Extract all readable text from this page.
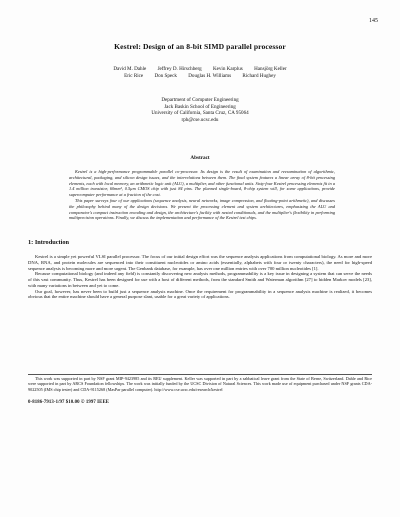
145
Kestrel: Design of an 8-bit SIMD parallel processor
David M. Dahle Jeffrey D. Hirschberg Kevin Karplus Hansjörg Keller
Eric Rice Don Speck Douglas H. Williams Richard Hughey
Department of Computer Engineering
Jack Baskin School of Engineering
University of California, Santa Cruz, CA 95064
rph@cse.ucsc.edu
Abstract

Kestrel is a high-performance programmable parallel co-processor. Its design is the result of examination and reexamination of algorithmic, architectural, packaging, and silicon design issues, and the interrelations between them. The final system features a linear array of 8-bit processing elements, each with local memory, an arithmetic logic unit (ALU), a multiplier, and other functional units. Sixty-four Kestrel processing elements fit in a 1.4 million transistor, 60mm², 0.5µm CMOS chip with just 84 pins. The planned single-board, 8-chip system will, for some applications, provide supercomputer performance at a fraction of the cost.

This paper surveys four of our applications (sequence analysis, neural networks, image compression, and floating-point arithmetic), and discusses the philosophy behind many of the design decisions. We present the processing element and system architectures, emphasizing the ALU and comparator's compact instruction encoding and design, the architecture's facility with nested conditionals, and the multiplier's flexibility in performing multiprecision operations. Finally, we discuss the implementation and performance of the Kestrel test chips.

1: Introduction

Kestrel is a simple yet powerful VLSI parallel processor. The focus of our initial design effort was the sequence analysis applications from computational biology. As more and more DNA, RNA, and protein molecules are sequenced into their constituent nucleotides or amino acids (essentially, alphabets with four or twenty characters), the need for high-speed sequence analysis is becoming more and more urgent. The Genbank database, for example, has over one million entries with over 700 million nucleotides [1].

Because computational biology (and indeed any field) is constantly discovering new analysis methods, programmability is a key issue in designing a system that can serve the needs of this vast community. Thus, Kestrel has been designed for use with a host of different methods, from the standard Smith and Waterman algorithm [27] to hidden Markov models [23], with many variations in between and yet to come.

Our goal, however, has never been to build just a sequence analysis machine. Once the requirement for programmability in a sequence analysis machine is realized, it becomes obvious that the entire machine should have a general purpose slant, usable for a great variety of applications.

This work was supported in part by NSF grant MIP-9423985 and its REU supplement. Keller was supported in part by a sabbatical leave grant from the State of Berne, Switzerland. Dahle and Rice were supported in part by ARCS Foundation fellowships. The work was initially funded by the UCSC Division of Natural Sciences. This work made use of equipment purchased under NSF grants CDA-9022505 (IMS chip tester) and CDA-9115268 (MasPar parallel computer). http://www.cse.ucsc.edu/research/kestrel

0-8186-7913-1/97 $10.00 © 1997 IEEE
